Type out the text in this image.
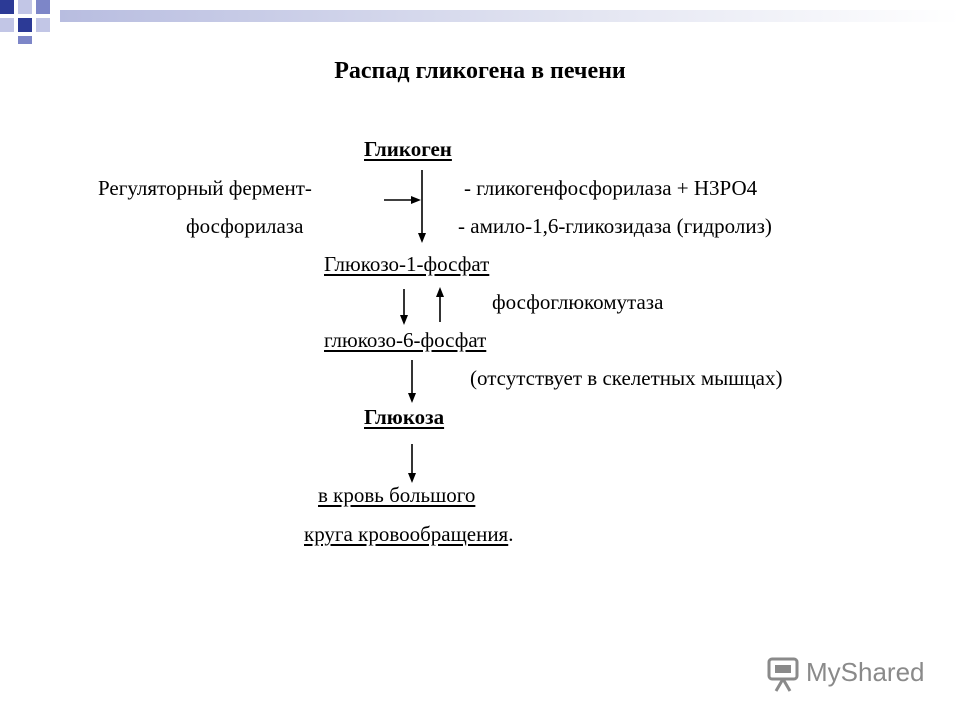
Распад гликогена в печени
Гликоген
Регуляторный фермент-
фосфорилаза
- гликогенфосфорилаза + Н3РО4
- амило-1,6-гликозидаза (гидролиз)
Глюкозо-1-фосфат
фосфоглюкомутаза
глюкозо-6-фосфат
(отсутствует в скелетных мышцах)
Глюкоза
в кровь большого
круга кровообращения.
MyShared
